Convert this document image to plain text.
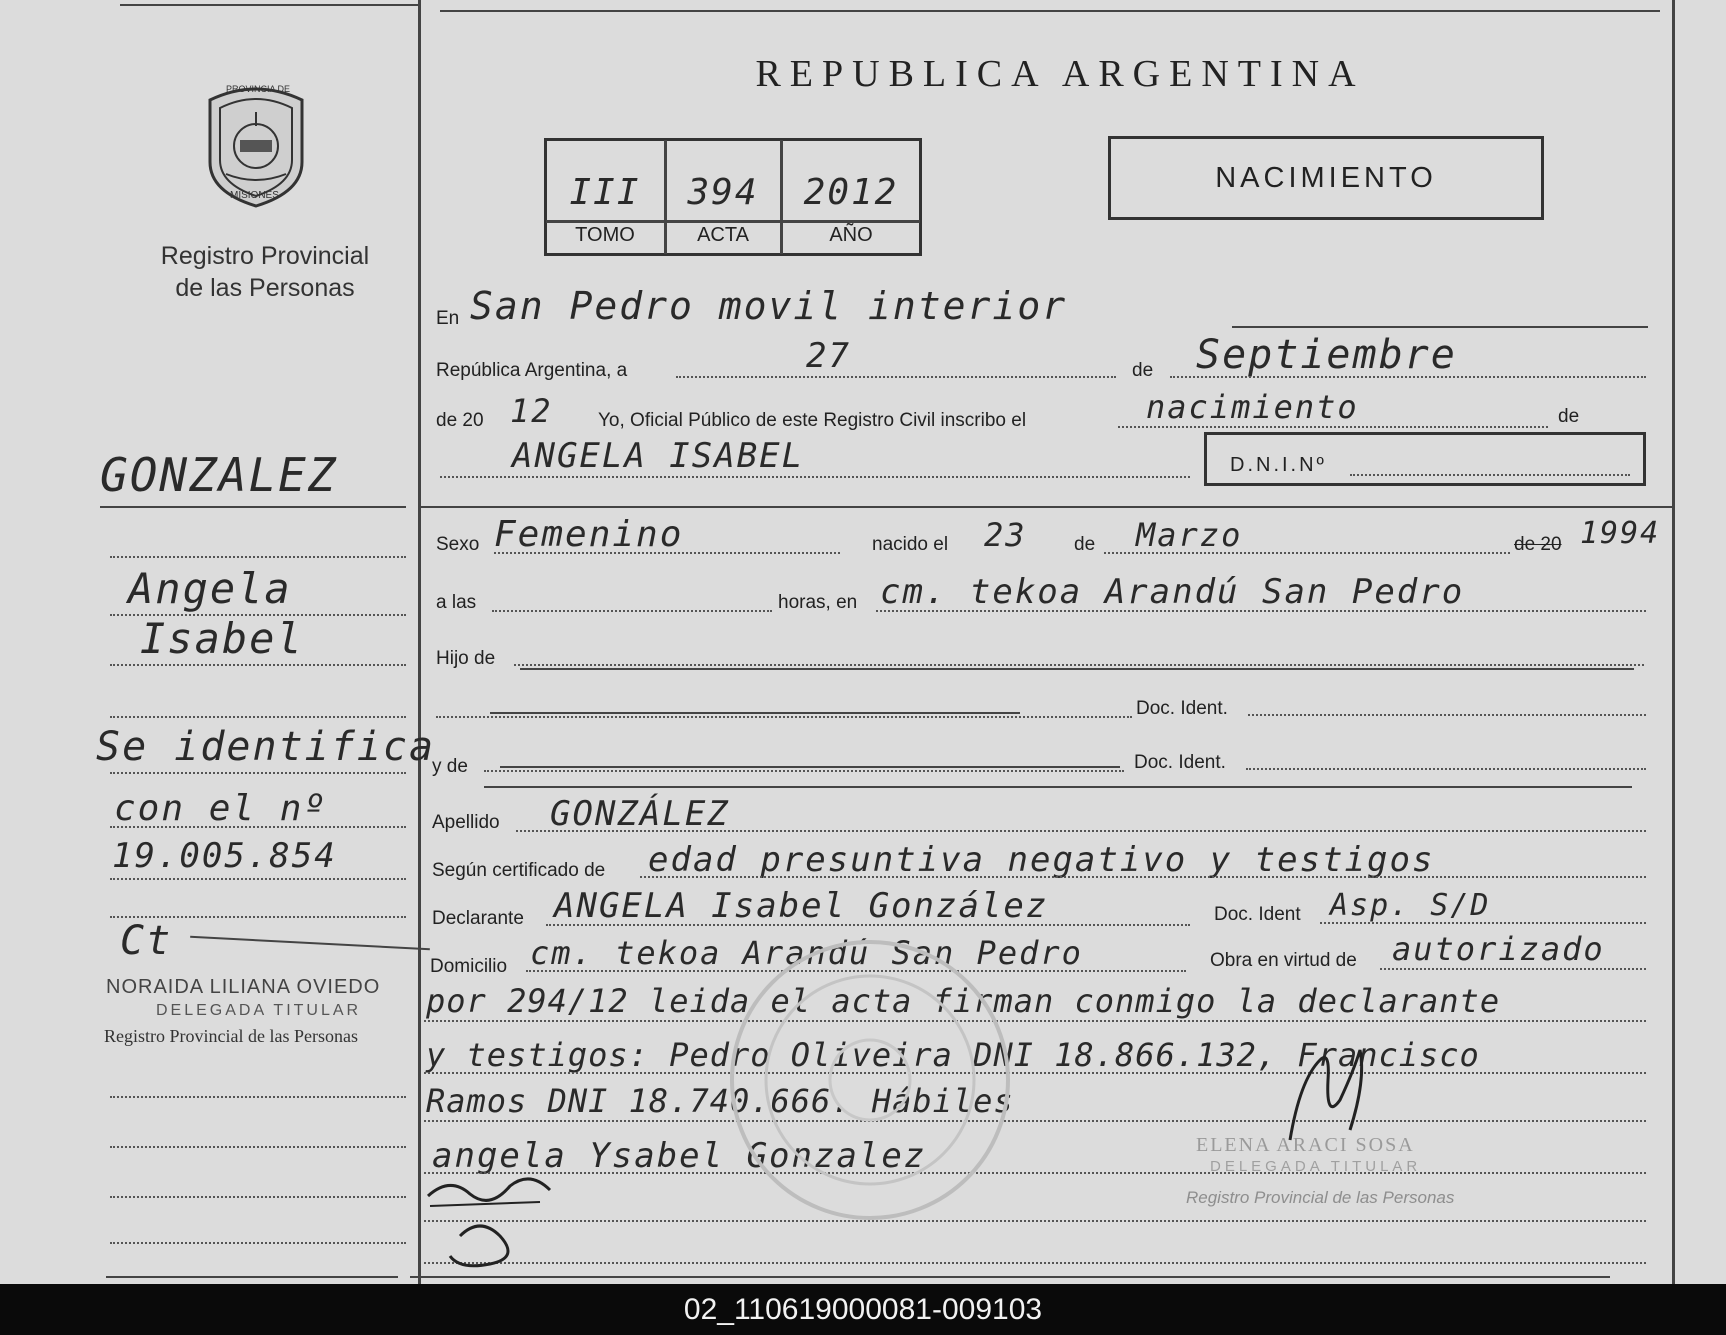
PROVINCIA DE
MISIONES
Registro Provincial
de las Personas
REPUBLICA ARGENTINA
III	394	2012
TOMO	ACTA	AÑO
NACIMIENTO
GONZALEZ
Angela
Isabel
Se identifica
con el nº
19.005.854
Ct
NORAIDA LILIANA OVIEDO
DELEGADA TITULAR
Registro Provincial de las Personas
En San Pedro movil interior
República Argentina, a	27	de Septiembre
de 20 12 Yo, Oficial Público de este Registro Civil inscribo el	nacimiento	de
ANGELA ISABEL	D.N.I.Nº
Sexo Femenino	nacido el 23 de Marzo	de 20 1994
a las	horas, en cm. tekoa Arandú San Pedro
Hijo de
Doc. Ident.
y de	Doc. Ident.
Apellido GONZÁLEZ
Según certificado de edad presuntiva negativo y testigos
Declarante ANGELA Isabel González	Doc. Ident Asp. S/D
Domicilio cm. tekoa Arandú San Pedro	Obra en virtud de autorizado
por 294/12 leida el acta firman conmigo la declarante
y testigos: Pedro Oliveira DNI 18.866.132, Francisco
Ramos DNI 18.740.666. Hábiles
angela Ysabel Gonzalez	ELENA ARACI SOSA
DELEGADA TITULAR
Registro Provincial de las Personas
02_110619000081-009103
